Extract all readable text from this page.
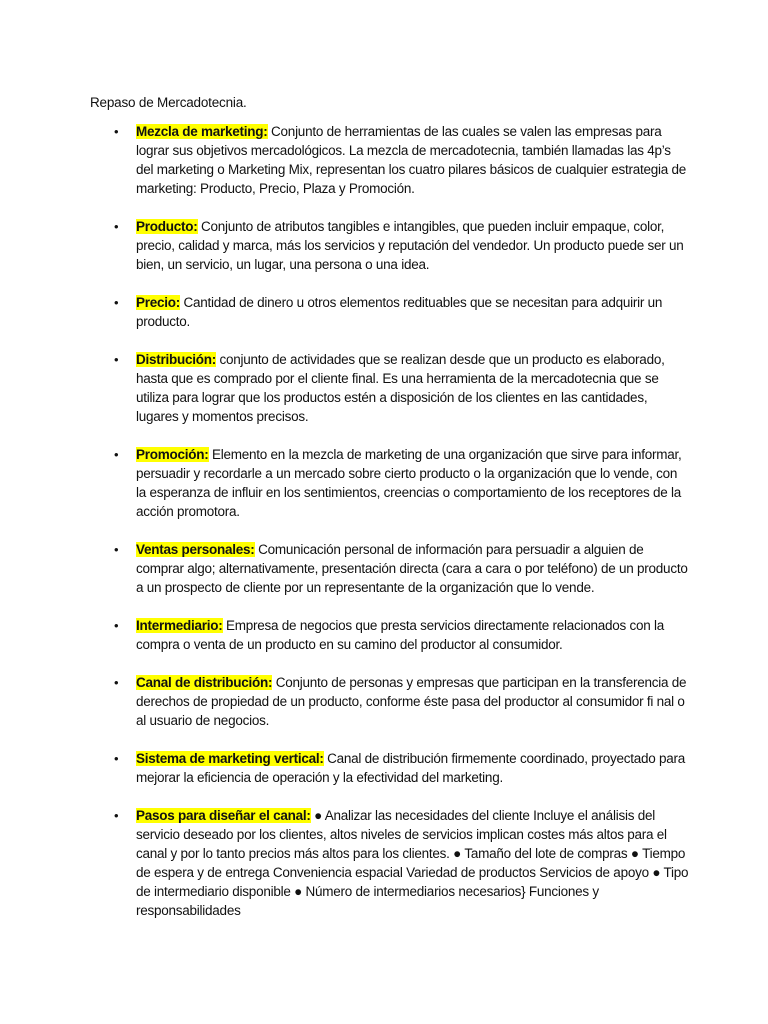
Repaso de Mercadotecnia.
• Mezcla de marketing: Conjunto de herramientas de las cuales se valen las empresas para lograr sus objetivos mercadológicos. La mezcla de mercadotecnia, también llamadas las 4p’s del marketing o Marketing Mix, representan los cuatro pilares básicos de cualquier estrategia de marketing: Producto, Precio, Plaza y Promoción.
• Producto: Conjunto de atributos tangibles e intangibles, que pueden incluir empaque, color, precio, calidad y marca, más los servicios y reputación del vendedor. Un producto puede ser un bien, un servicio, un lugar, una persona o una idea.
• Precio: Cantidad de dinero u otros elementos redituables que se necesitan para adquirir un producto.
• Distribución: conjunto de actividades que se realizan desde que un producto es elaborado, hasta que es comprado por el cliente final. Es una herramienta de la mercadotecnia que se utiliza para lograr que los productos estén a disposición de los clientes en las cantidades, lugares y momentos precisos.
• Promoción: Elemento en la mezcla de marketing de una organización que sirve para informar, persuadir y recordarle a un mercado sobre cierto producto o la organización que lo vende, con la esperanza de influir en los sentimientos, creencias o comportamiento de los receptores de la acción promotora.
• Ventas personales: Comunicación personal de información para persuadir a alguien de comprar algo; alternativamente, presentación directa (cara a cara o por teléfono) de un producto a un prospecto de cliente por un representante de la organización que lo vende.
• Intermediario: Empresa de negocios que presta servicios directamente relacionados con la compra o venta de un producto en su camino del productor al consumidor.
• Canal de distribución: Conjunto de personas y empresas que participan en la transferencia de derechos de propiedad de un producto, conforme éste pasa del productor al consumidor fi nal o al usuario de negocios.
• Sistema de marketing vertical: Canal de distribución firmemente coordinado, proyectado para mejorar la eficiencia de operación y la efectividad del marketing.
• Pasos para diseñar el canal: ● Analizar las necesidades del cliente Incluye el análisis del servicio deseado por los clientes, altos niveles de servicios implican costes más altos para el canal y por lo tanto precios más altos para los clientes. ● Tamaño del lote de compras ● Tiempo de espera y de entrega Conveniencia espacial Variedad de productos Servicios de apoyo ● Tipo de intermediario disponible ● Número de intermediarios necesarios} Funciones y responsabilidades
